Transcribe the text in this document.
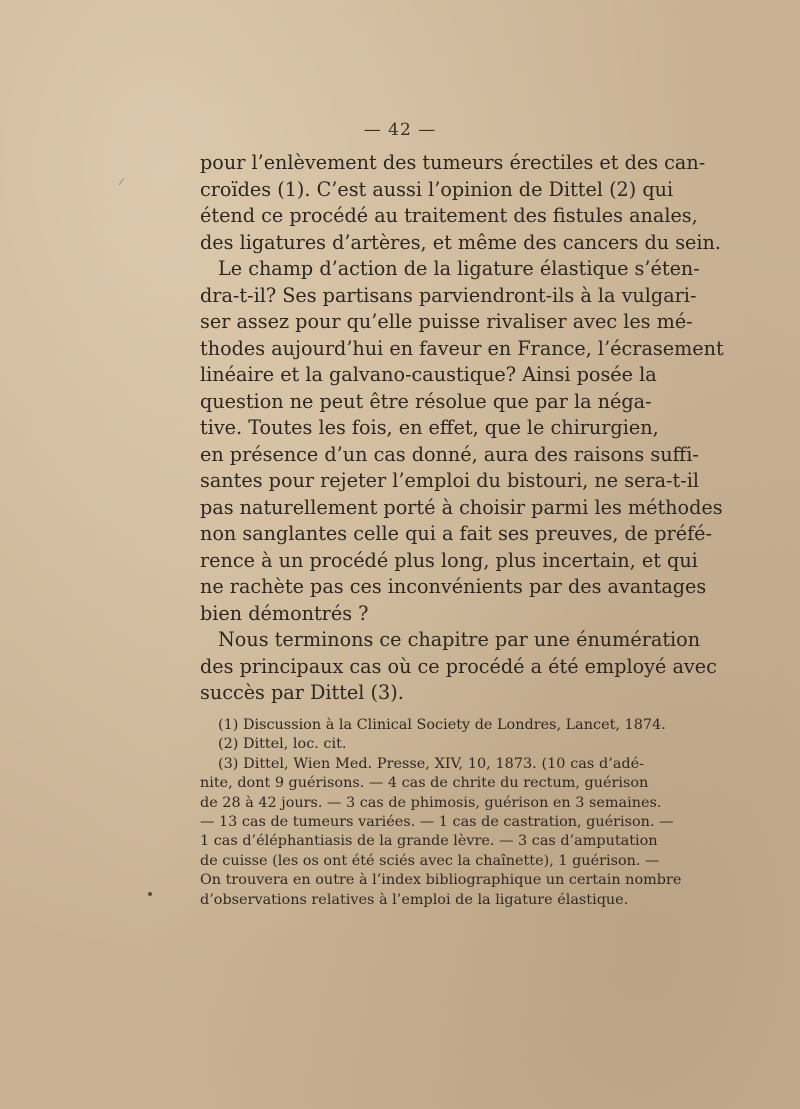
— 42 —
pour l’enlèvement des tumeurs érectiles et des can-
croïdes (1). C’est aussi l’opinion de Dittel (2) qui
étend ce procédé au traitement des fistules anales,
des ligatures d’artères, et même des cancers du sein.
Le champ d’action de la ligature élastique s’éten-
dra-t-il? Ses partisans parviendront-ils à la vulgari-
ser assez pour qu’elle puisse rivaliser avec les mé-
thodes aujourd’hui en faveur en France, l’écrasement
linéaire et la galvano-caustique? Ainsi posée la
question ne peut être résolue que par la néga-
tive. Toutes les fois, en effet, que le chirurgien,
en présence d’un cas donné, aura des raisons suffi-
santes pour rejeter l’emploi du bistouri, ne sera-t-il
pas naturellement porté à choisir parmi les méthodes
non sanglantes celle qui a fait ses preuves, de préfé-
rence à un procédé plus long, plus incertain, et qui
ne rachète pas ces inconvénients par des avantages
bien démontrés ?
Nous terminons ce chapitre par une énumération
des principaux cas où ce procédé a été employé avec
succès par Dittel (3).
(1) Discussion à la Clinical Society de Londres, Lancet, 1874.
(2) Dittel, loc. cit.
(3) Dittel, Wien Med. Presse, XIV, 10, 1873. (10 cas d’adé-
nite, dont 9 guérisons. — 4 cas de chrite du rectum, guérison
de 28 à 42 jours. — 3 cas de phimosis, guérison en 3 semaines.
— 13 cas de tumeurs variées. — 1 cas de castration, guérison. —
1 cas d’éléphantiasis de la grande lèvre. — 3 cas d’amputation
de cuisse (les os ont été sciés avec la chaînette), 1 guérison. —
On trouvera en outre à l’index bibliographique un certain nombre
d’observations relatives à l’emploi de la ligature élastique.
